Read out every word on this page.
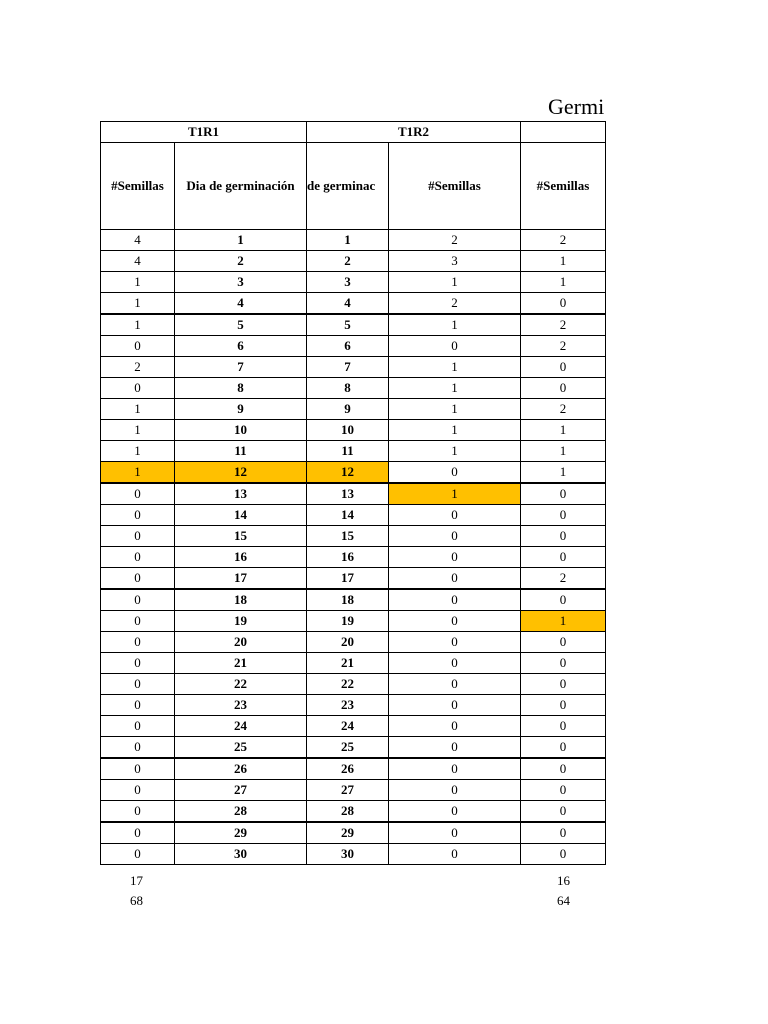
Germi
T1R1		T1R2		
#Semillas	Dia de germinación	de germinac	#Semillas	#Semillas
4	1	1	2	2
4	2	2	3	1
1	3	3	1	1
1	4	4	2	0
1	5	5	1	2
0	6	6	0	2
2	7	7	1	0
0	8	8	1	0
1	9	9	1	2
1	10	10	1	1
1	11	11	1	1
1	12	12	0	1
0	13	13	1	0
0	14	14	0	0
0	15	15	0	0
0	16	16	0	0
0	17	17	0	2
0	18	18	0	0
0	19	19	0	1
0	20	20	0	0
0	21	21	0	0
0	22	22	0	0
0	23	23	0	0
0	24	24	0	0
0	25	25	0	0
0	26	26	0	0
0	27	27	0	0
0	28	28	0	0
0	29	29	0	0
0	30	30	0	0
17
68
16
64
